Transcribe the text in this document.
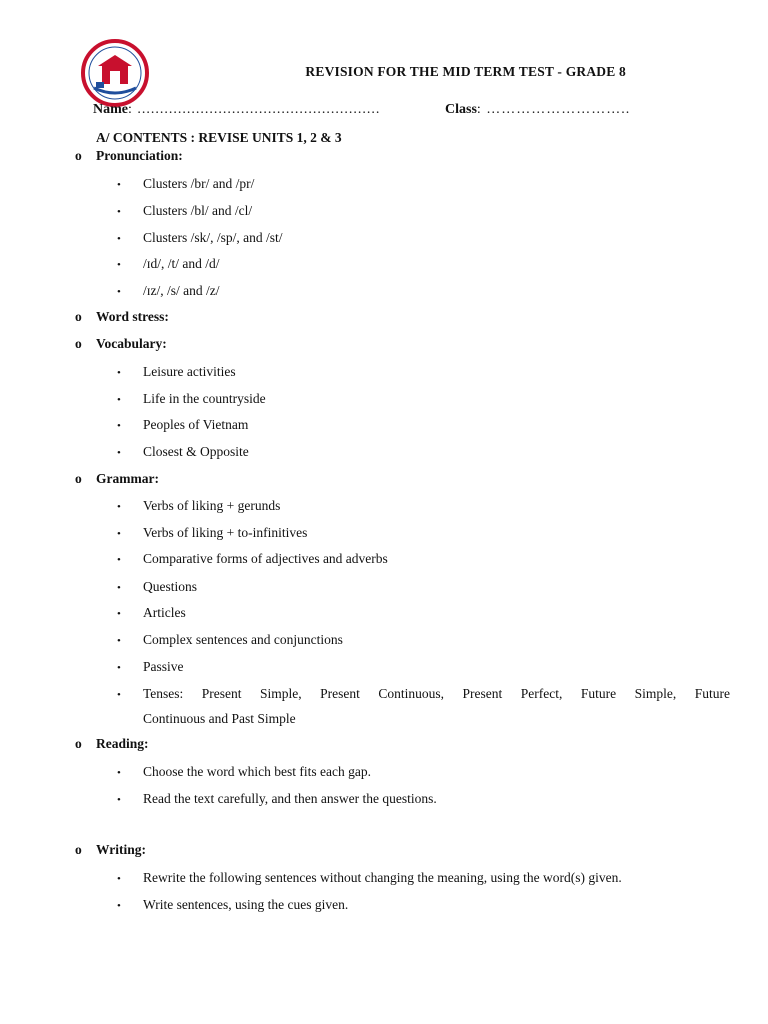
REVISION FOR THE MID TERM TEST - GRADE 8
Name: ......................................................	Class: ………………………..
A/ CONTENTS : REVISE UNITS 1, 2 & 3
o Pronunciation:
• Clusters /br/ and /pr/
• Clusters /bl/ and /cl/
• Clusters /sk/, /sp/, and /st/
• /ɪd/, /t/ and /d/
• /ɪz/, /s/ and /z/
o Word stress:
o Vocabulary:
• Leisure activities
• Life in the countryside
• Peoples of Vietnam
• Closest & Opposite
o Grammar:
• Verbs of liking + gerunds
• Verbs of liking + to-infinitives
• Comparative forms of adjectives and adverbs
• Questions
• Articles
• Complex sentences and conjunctions
• Passive
• Tenses: Present Simple, Present Continuous, Present Perfect, Future Simple, Future
Continuous and Past Simple
o Reading:
• Choose the word which best fits each gap.
• Read the text carefully, and then answer the questions.
o Writing:
• Rewrite the following sentences without changing the meaning, using the word(s) given.
• Write sentences, using the cues given.
